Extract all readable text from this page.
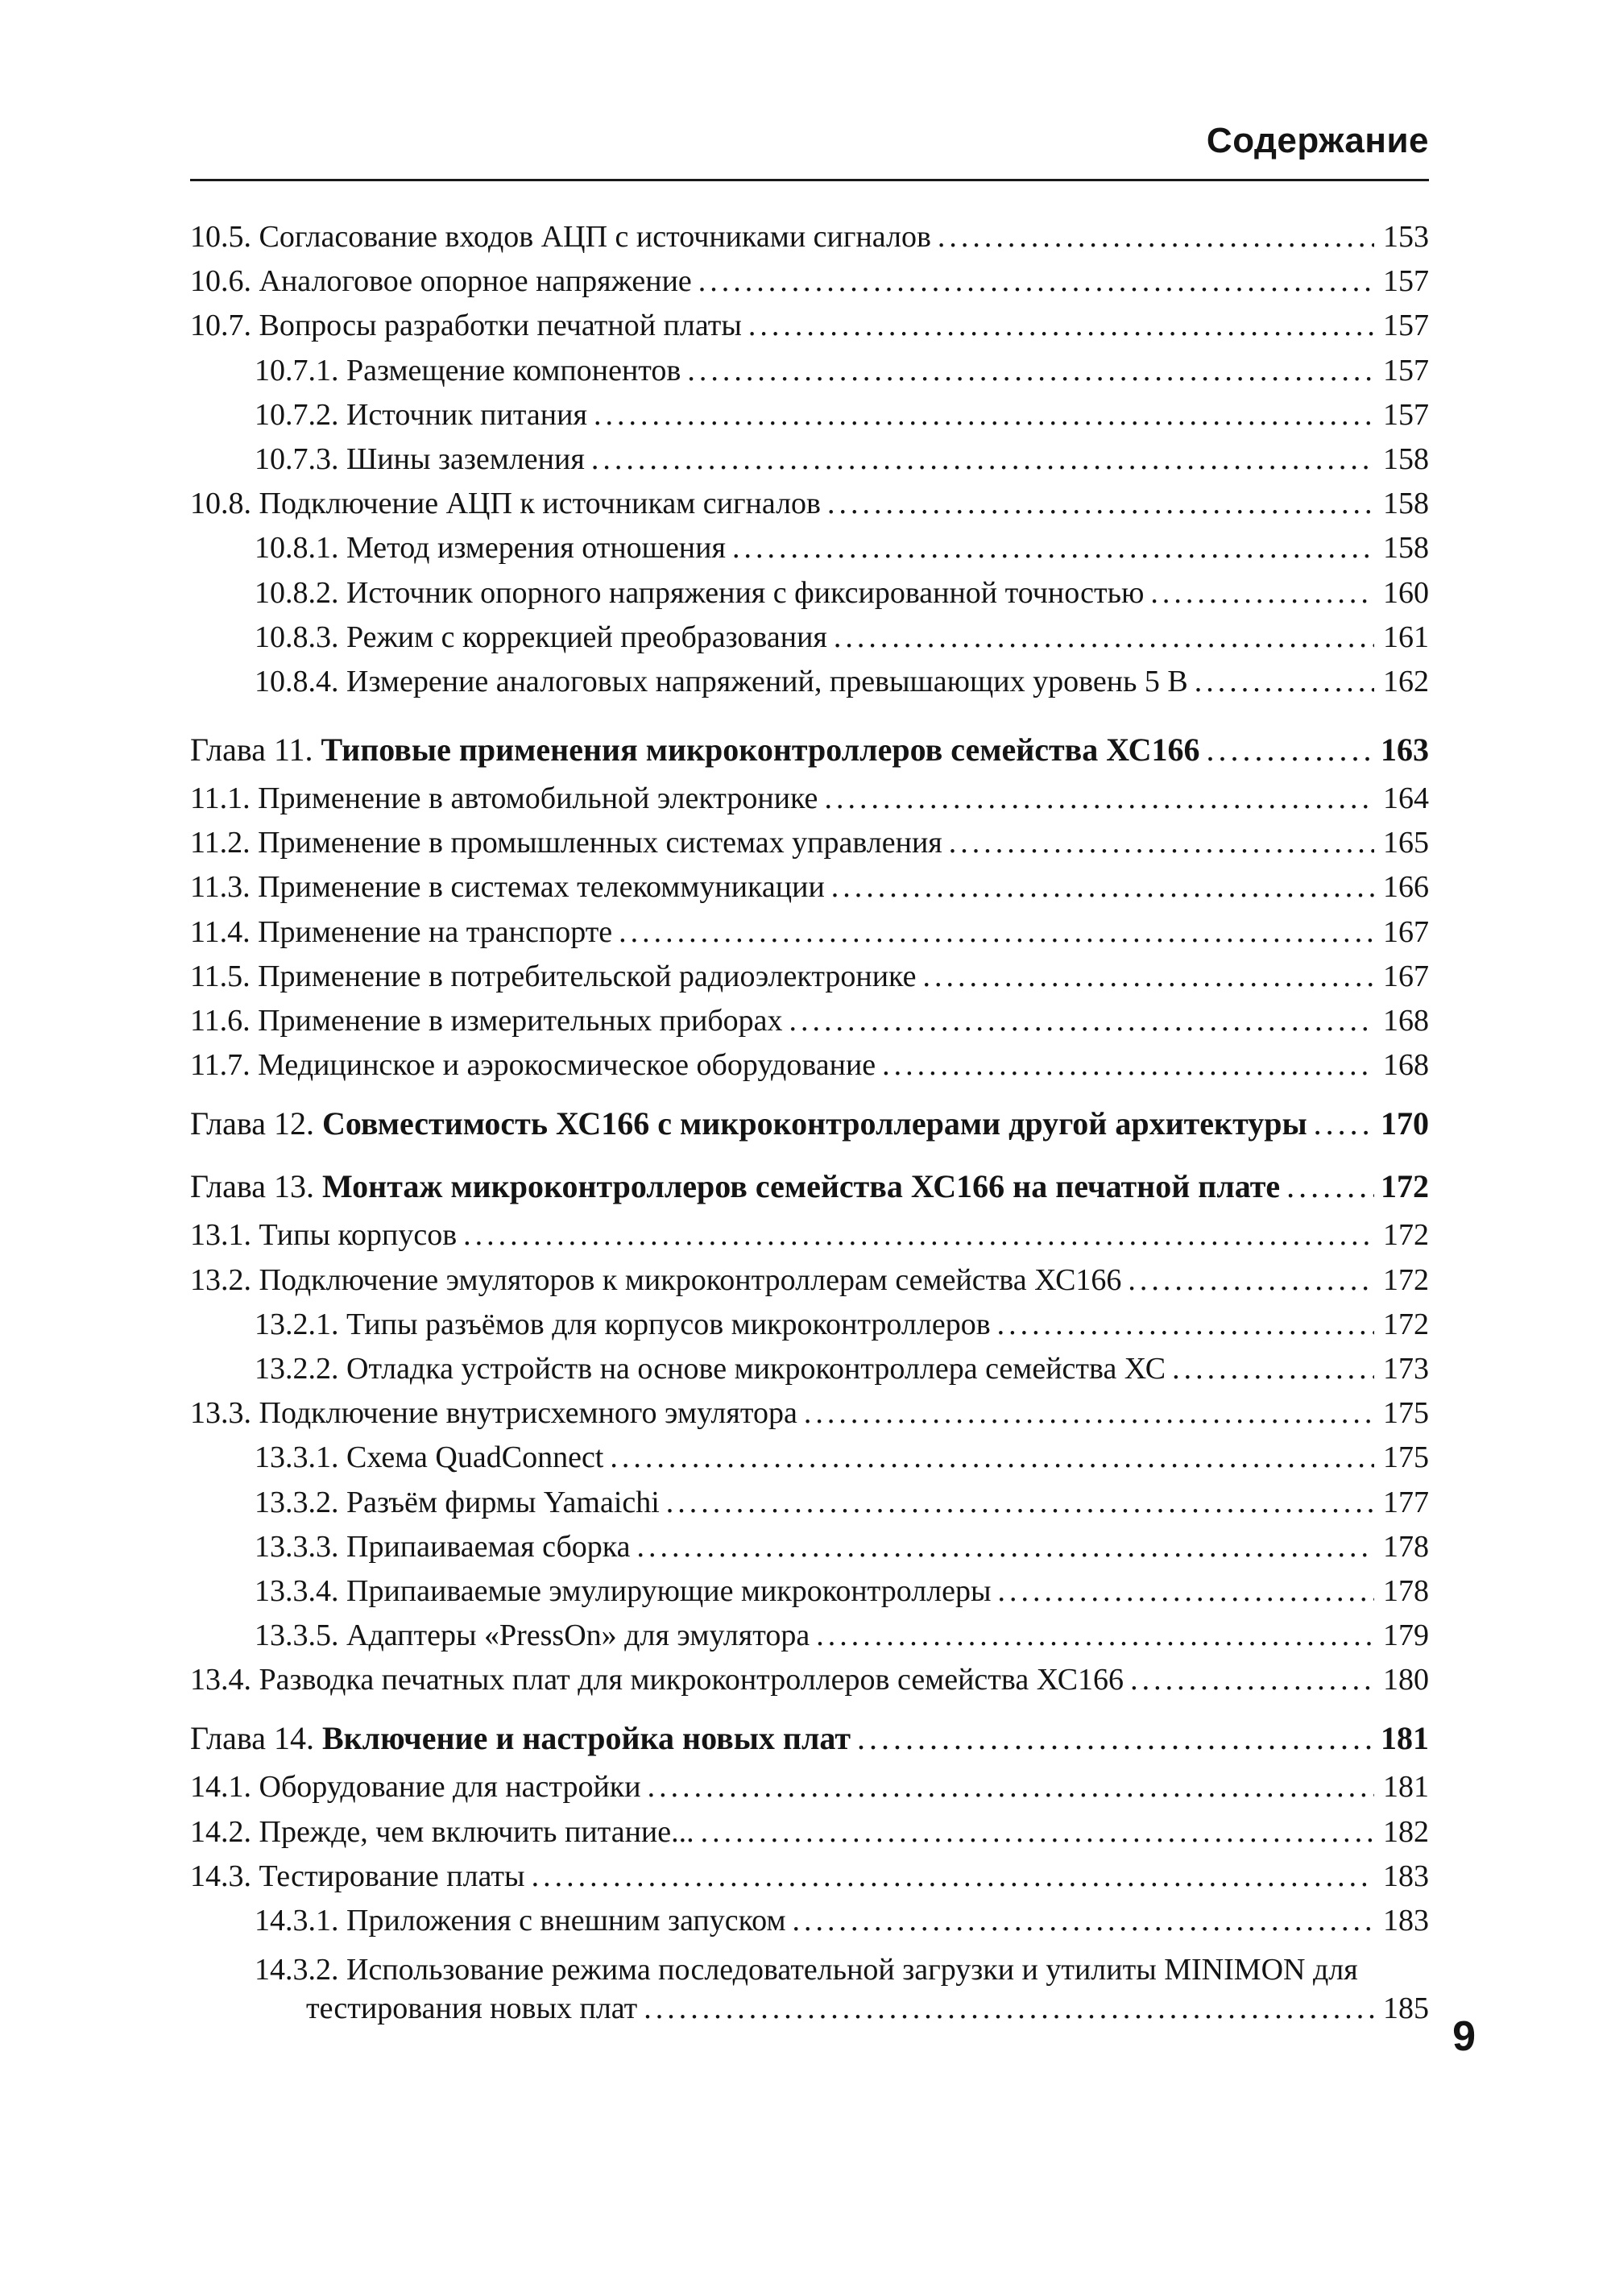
Содержание
10.5. Согласование входов АЦП с источниками сигналов .....	153
10.6. Аналоговое опорное напряжение .....	157
10.7. Вопросы разработки печатной платы .....	157
10.7.1. Размещение компонентов .....	157
10.7.2. Источник питания .....	157
10.7.3. Шины заземления .....	158
10.8. Подключение АЦП к источникам сигналов .....	158
10.8.1. Метод измерения отношения .....	158
10.8.2. Источник опорного напряжения с фиксированной точностью .....	160
10.8.3. Режим с коррекцией преобразования .....	161
10.8.4. Измерение аналоговых напряжений, превышающих уровень 5 В .....	162
Глава 11.
Типовые применения микроконтроллеров семейства ХС166 .....	163
11.1. Применение в автомобильной электронике .....	164
11.2. Применение в промышленных системах управления .....	165
11.3. Применение в системах телекоммуникации .....	166
11.4. Применение на транспорте .....	167
11.5. Применение в потребительской радиоэлектронике .....	167
11.6. Применение в измерительных приборах .....	168
11.7. Медицинское и аэрокосмическое оборудование .....	168
Глава 12.
Совместимость ХС166 с микроконтроллерами другой архитектуры ..... 170
Глава 13.
Монтаж микроконтроллеров семейства ХС166 на печатной плате .....	172
13.1. Типы корпусов .....	172
13.2. Подключение эмуляторов к микроконтроллерам семейства ХС166 .....	172
13.2.1. Типы разъёмов для корпусов микроконтроллеров .....	172
13.2.2. Отладка устройств на основе микроконтроллера семейства ХС .....	173
13.3. Подключение внутрисхемного эмулятора .....	175
13.3.1. Схема QuadConnect .....	175
13.3.2. Разъём фирмы Yamaichi .....	177
13.3.3. Припаиваемая сборка .....	178
13.3.4. Припаиваемые эмулирующие микроконтроллеры .....	178
13.3.5. Адаптеры «PressOn» для эмулятора .....	179
13.4. Разводка печатных плат для микроконтроллеров семейства ХС166 .....	180
Глава 14.
Включение и настройка новых плат .....	181
14.1. Оборудование для настройки .....	181
14.2. Прежде, чем включить питание... .....	182
14.3. Тестирование платы .....	183
14.3.1. Приложения с внешним запуском .....	183
14.3.2. Использование режима последовательной загрузки и утилиты MINIMON для
тестирования новых плат .....	185
9
